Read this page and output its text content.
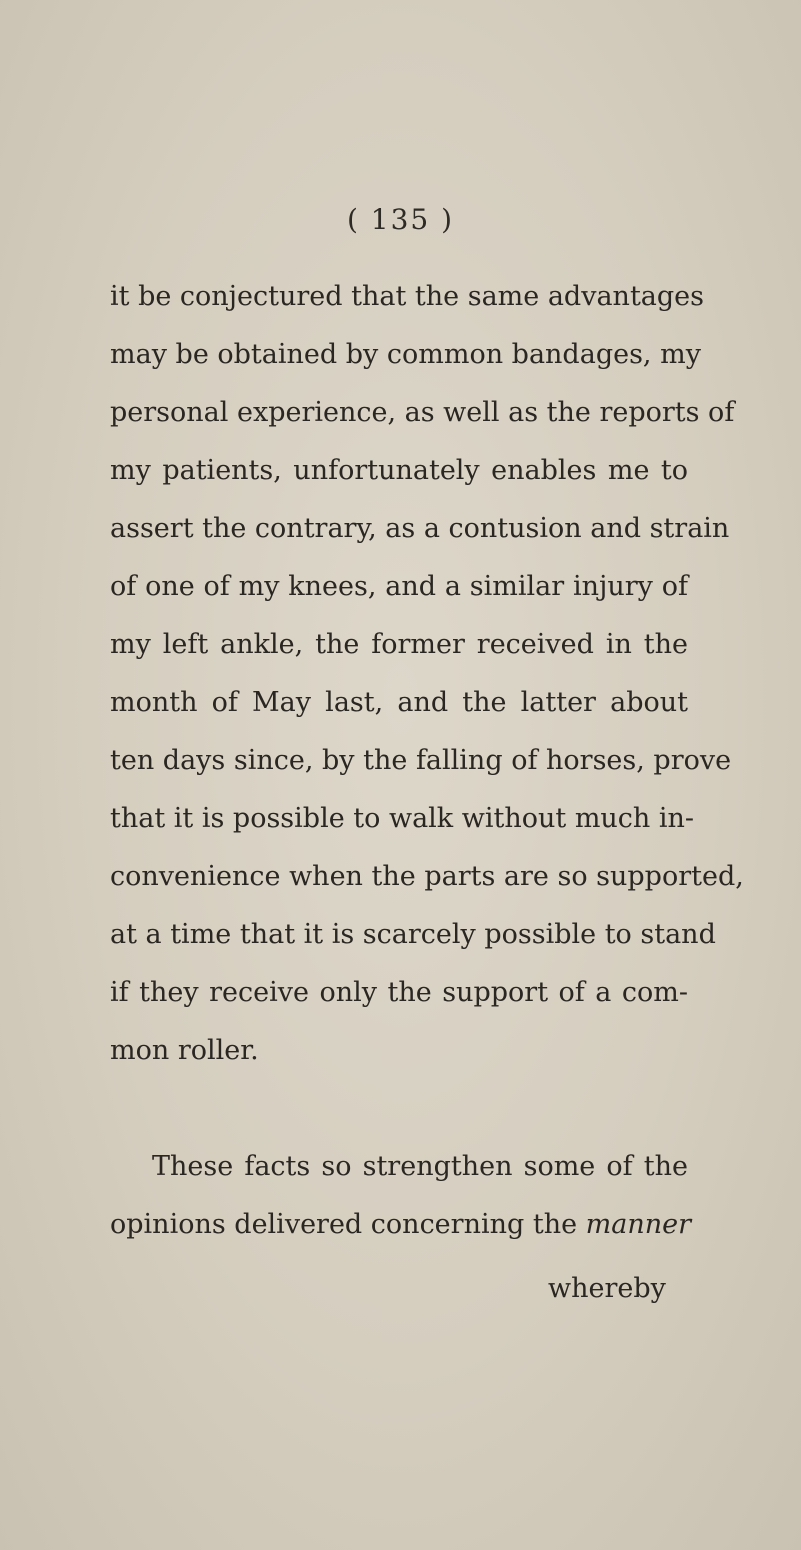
( 135 )
it be conjectured that the same advantages
may be obtained by common bandages, my
personal experience, as well as the reports of
my patients, unfortunately enables me to
assert the contrary, as a contusion and strain
of one of my knees, and a similar injury of
my left ankle, the former received in the
month of May last, and the latter about
ten days since, by the falling of horses, prove
that it is possible to walk without much in-
convenience when the parts are so supported,
at a time that it is scarcely possible to stand
if they receive only the support of a com-
mon roller.
These facts so strengthen some of the
opinions delivered concerning the manner
whereby
